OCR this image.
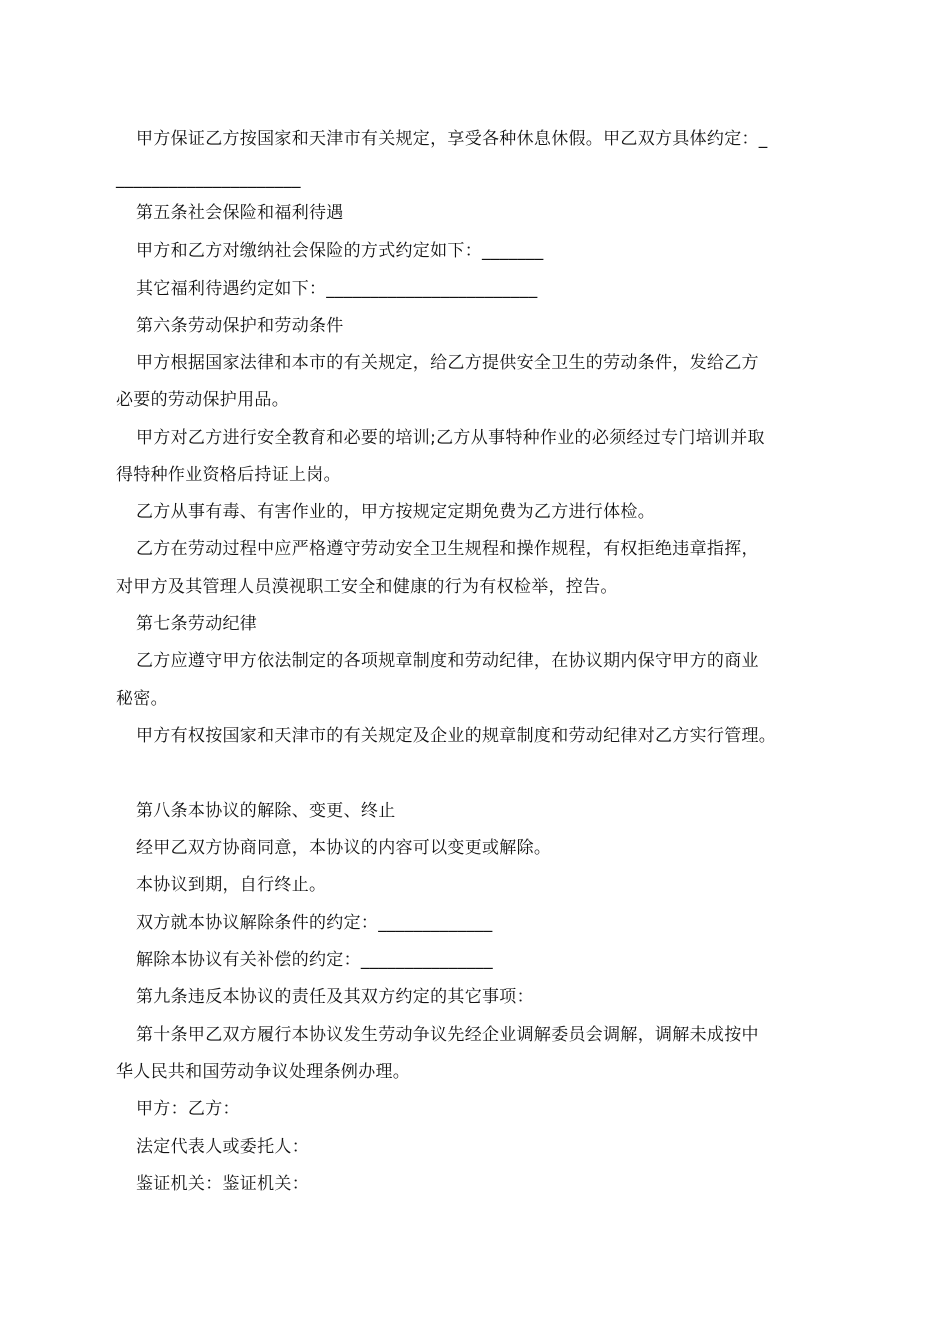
甲方保证乙方按国家和天津市有关规定，享受各种休息休假。甲乙双方具体约定：_
_____________________
第五条社会保险和福利待遇
甲方和乙方对缴纳社会保险的方式约定如下：_______
其它福利待遇约定如下：________________________
第六条劳动保护和劳动条件
甲方根据国家法律和本市的有关规定，给乙方提供安全卫生的劳动条件，发给乙方
必要的劳动保护用品。
甲方对乙方进行安全教育和必要的培训;乙方从事特种作业的必须经过专门培训并取
得特种作业资格后持证上岗。
乙方从事有毒、有害作业的，甲方按规定定期免费为乙方进行体检。
乙方在劳动过程中应严格遵守劳动安全卫生规程和操作规程，有权拒绝违章指挥，
对甲方及其管理人员漠视职工安全和健康的行为有权检举，控告。
第七条劳动纪律
乙方应遵守甲方依法制定的各项规章制度和劳动纪律，在协议期内保守甲方的商业
秘密。
甲方有权按国家和天津市的有关规定及企业的规章制度和劳动纪律对乙方实行管理。
第八条本协议的解除、变更、终止
经甲乙双方协商同意，本协议的内容可以变更或解除。
本协议到期，自行终止。
双方就本协议解除条件的约定：_____________
解除本协议有关补偿的约定：_______________
第九条违反本协议的责任及其双方约定的其它事项：
第十条甲乙双方履行本协议发生劳动争议先经企业调解委员会调解，调解未成按中
华人民共和国劳动争议处理条例办理。
甲方：乙方：
法定代表人或委托人：
鉴证机关：鉴证机关：
